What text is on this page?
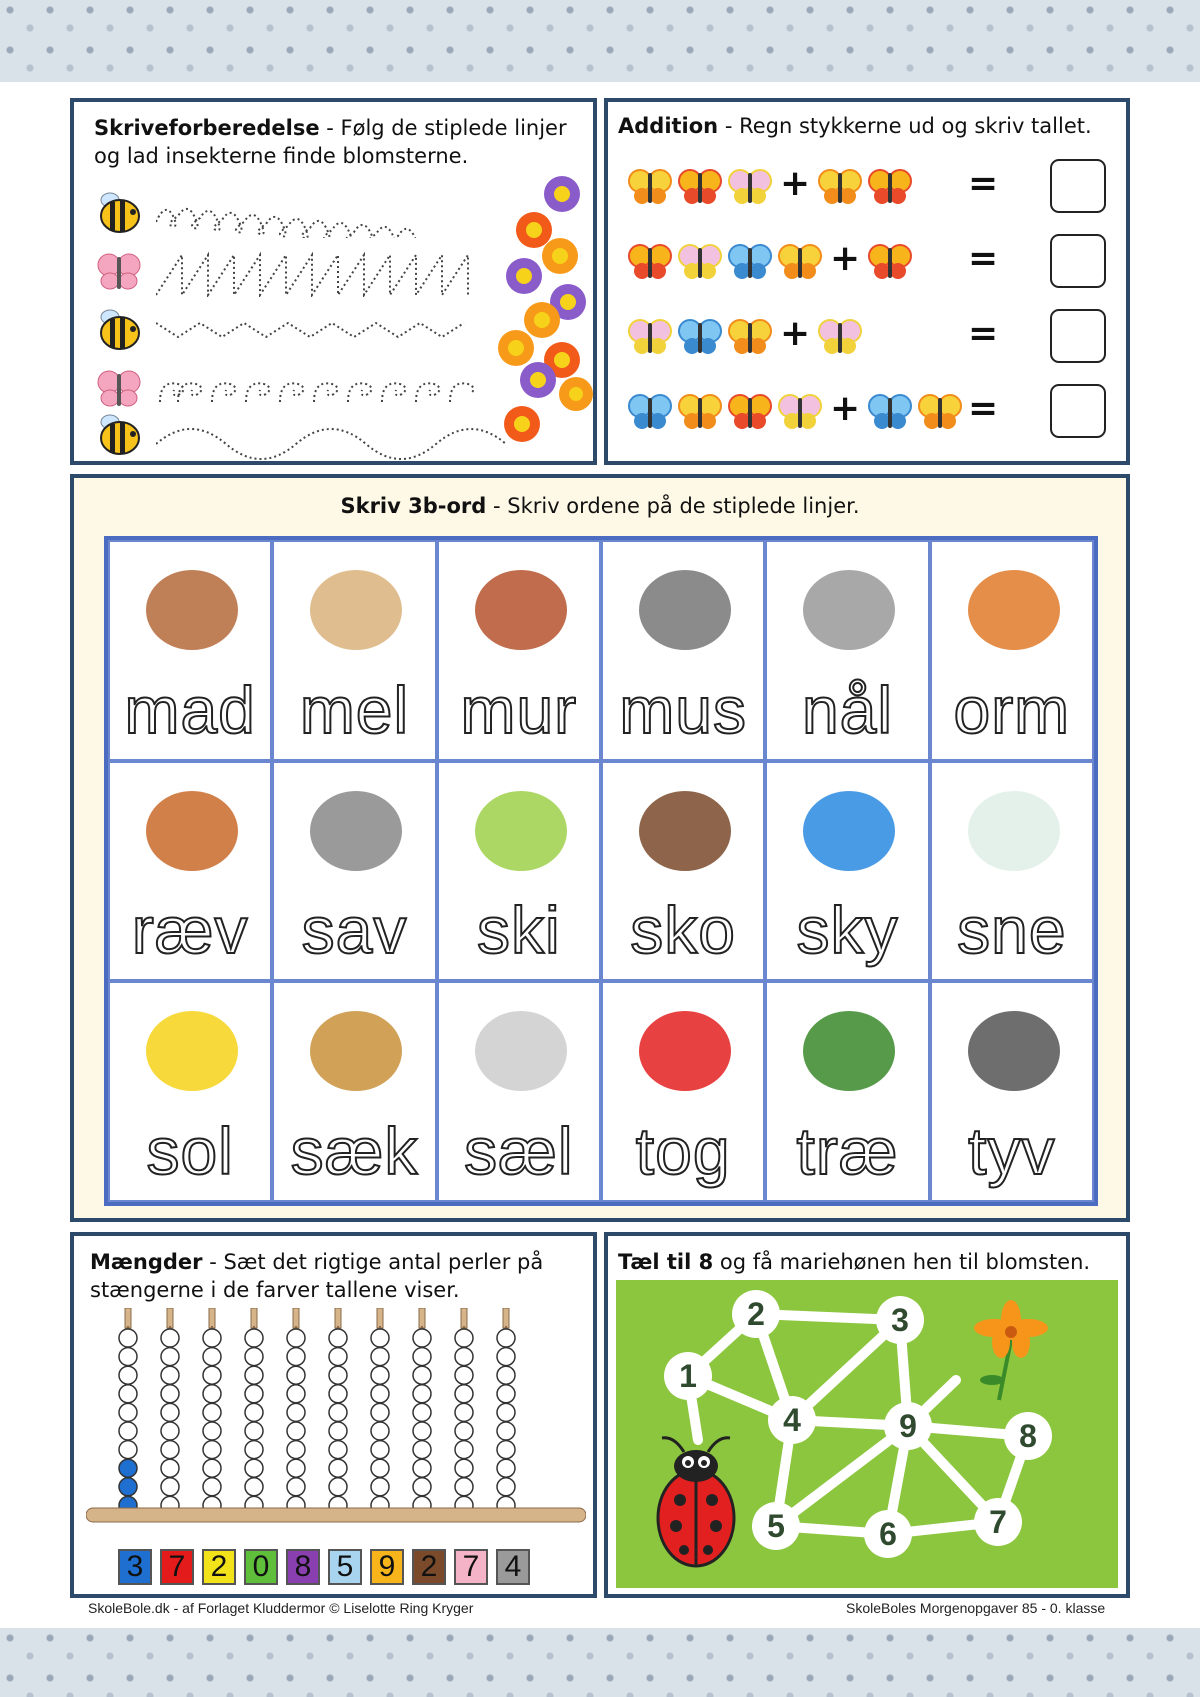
Skriveforberedelse - Følg de stiplede linjer og lad insekterne finde blomsterne.
Addition - Regn stykkerne ud og skriv tallet.
+	=
+	=
+	=
+	=
Skriv 3b-ord - Skriv ordene på de stiplede linjer.
mad mel mur mus nål orm
ræv sav	ski	sko sky sne
sol sæk sæl tog træ	tyv
Mængder - Sæt det rigtige antal perler på stængerne i de farver tallene viser.
3 7 2 0 8 5 9 2 7 4
Tæl til 8 og få mariehønen hen til blomsten.
1
2	3
4
5	6	7
8
9
SkoleBole.dk - af Forlaget Kluddermor © Liselotte Ring Kryger	SkoleBoles Morgenopgaver 85 - 0. klasse
